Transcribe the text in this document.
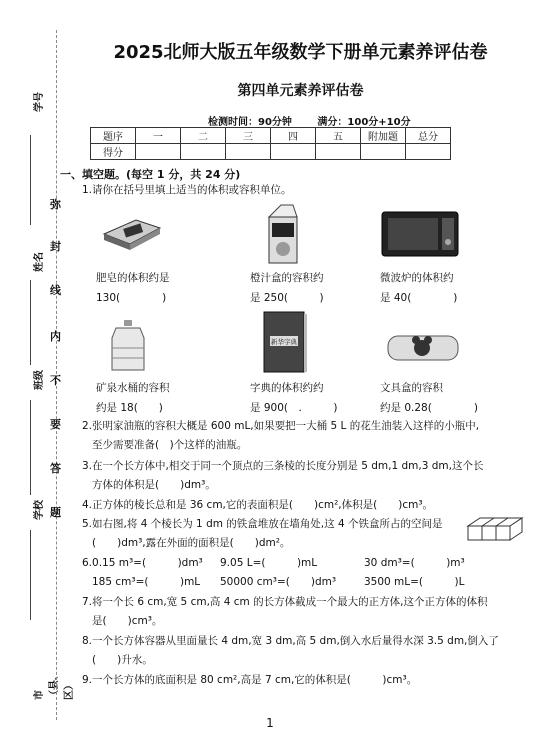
学号
姓名
班级
学校
市（县、区）
弥
封
线
内
不
要
答
题
2025北师大版五年级数学下册单元素养评估卷
第四单元素养评估卷
检测时间：90分钟	满分：100分+10分
题序	一	二	三	四	五	附加题	总分
得分							
一、填空题。(每空 1 分，共 24 分)
1.请你在括号里填上适当的体积或容积单位。
肥皂的体积约是
130(　　　　)
橙汁盒的容积约
是 250(　　　)
微波炉的体积约
是 40(　　　　)
新华字典
矿泉水桶的容积
约是 18(　　)
字典的体积约约
是 900(　.　　　)
文具盒的容积
约是 0.28(　　　　)
2.张明家油瓶的容积大概是 600 mL,如果要把一大桶 5 L 的花生油装入这样的小瓶中,
至少需要准备(　)个这样的油瓶。
3.在一个长方体中,相交于同一个顶点的三条棱的长度分别是 5 dm,1 dm,3 dm,这个长
方体的体积是(　　)dm³。
4.正方体的棱长总和是 36 cm,它的表面积是(　　)cm²,体积是(　　)cm³。
5.如右图,将 4 个棱长为 1 dm 的铁盒堆放在墙角处,这 4 个铁盒所占的空间是
(　　)dm³,露在外面的面积是(　　)dm²。
6.0.15 m³=(　　　)dm³ 9.05 L=(　　　)mL	30 dm³=(　　　)m³
185 cm³=(　　　)mL 50000 cm³=(　　)dm³	3500 mL=(　　　)L
7.将一个长 6 cm,宽 5 cm,高 4 cm 的长方体截成一个最大的正方体,这个正方体的体积
是(　　)cm³。
8.一个长方体容器从里面量长 4 dm,宽 3 dm,高 5 dm,倒入水后量得水深 3.5 dm,倒入了
(　　)升水。
9.一个长方体的底面积是 80 cm²,高是 7 cm,它的体积是(　　　)cm³。
1
